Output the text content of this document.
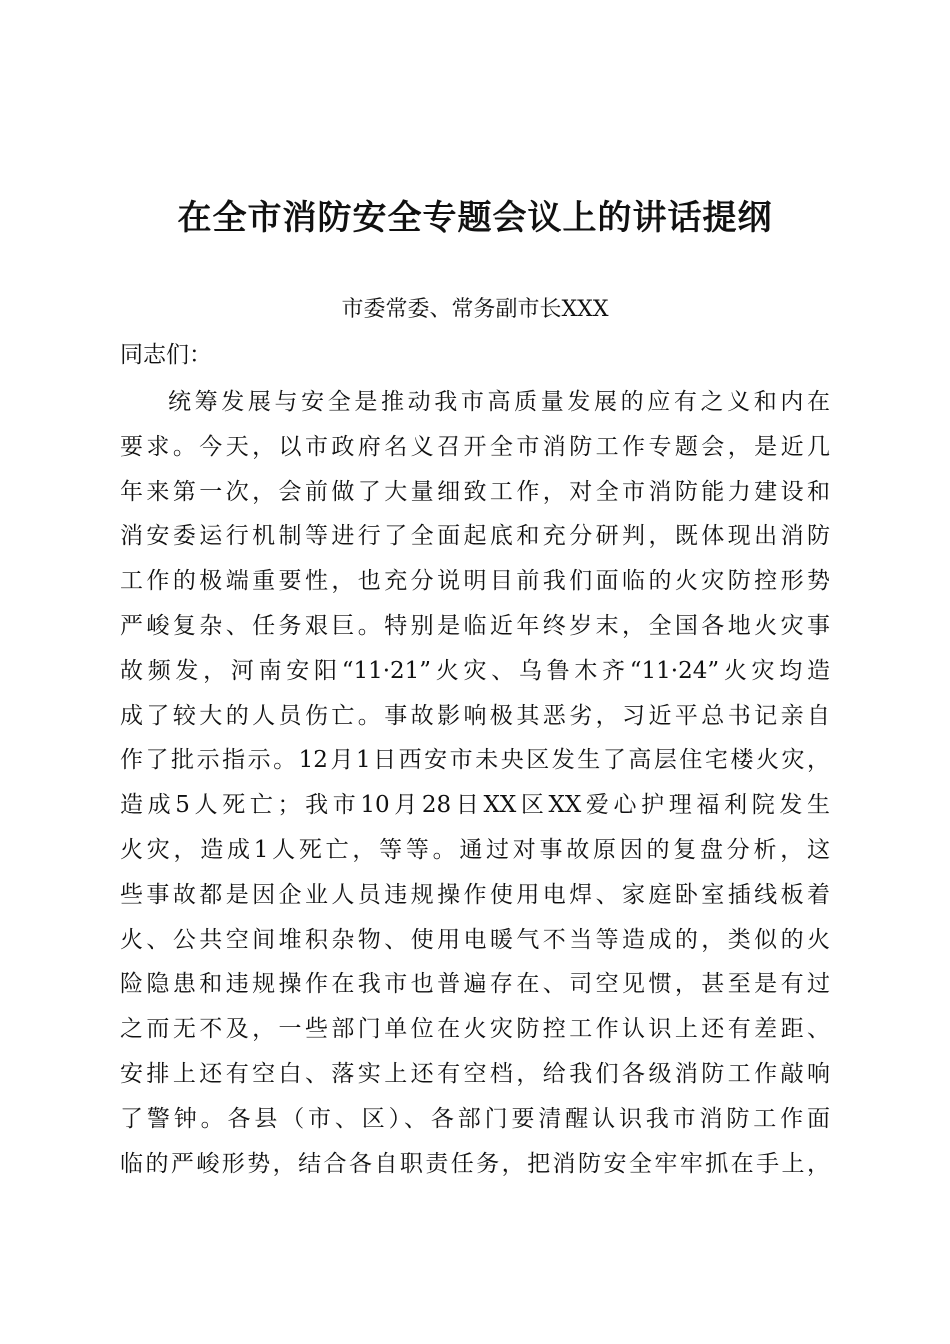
在全市消防安全专题会议上的讲话提纲
市委常委、常务副市长XXX
同志们：
统筹发展与安全是推动我市高质量发展的应有之义和内在
要求。今天，以市政府名义召开全市消防工作专题会，是近几
年来第一次，会前做了大量细致工作，对全市消防能力建设和
消安委运行机制等进行了全面起底和充分研判，既体现出消防
工作的极端重要性，也充分说明目前我们面临的火灾防控形势
严峻复杂、任务艰巨。特别是临近年终岁末，全国各地火灾事
故频发，河南安阳“11·21”火灾、乌鲁木齐“11·24”火灾均造
成了较大的人员伤亡。事故影响极其恶劣，习近平总书记亲自
作了批示指示。12月1日西安市未央区发生了高层住宅楼火灾，
造成5人死亡；我市10月28日XX区XX爱心护理福利院发生
火灾，造成1人死亡，等等。通过对事故原因的复盘分析，这
些事故都是因企业人员违规操作使用电焊、家庭卧室插线板着
火、公共空间堆积杂物、使用电暖气不当等造成的，类似的火
险隐患和违规操作在我市也普遍存在、司空见惯，甚至是有过
之而无不及，一些部门单位在火灾防控工作认识上还有差距、
安排上还有空白、落实上还有空档，给我们各级消防工作敲响
了警钟。各县（市、区）、各部门要清醒认识我市消防工作面
临的严峻形势，结合各自职责任务，把消防安全牢牢抓在手上，
